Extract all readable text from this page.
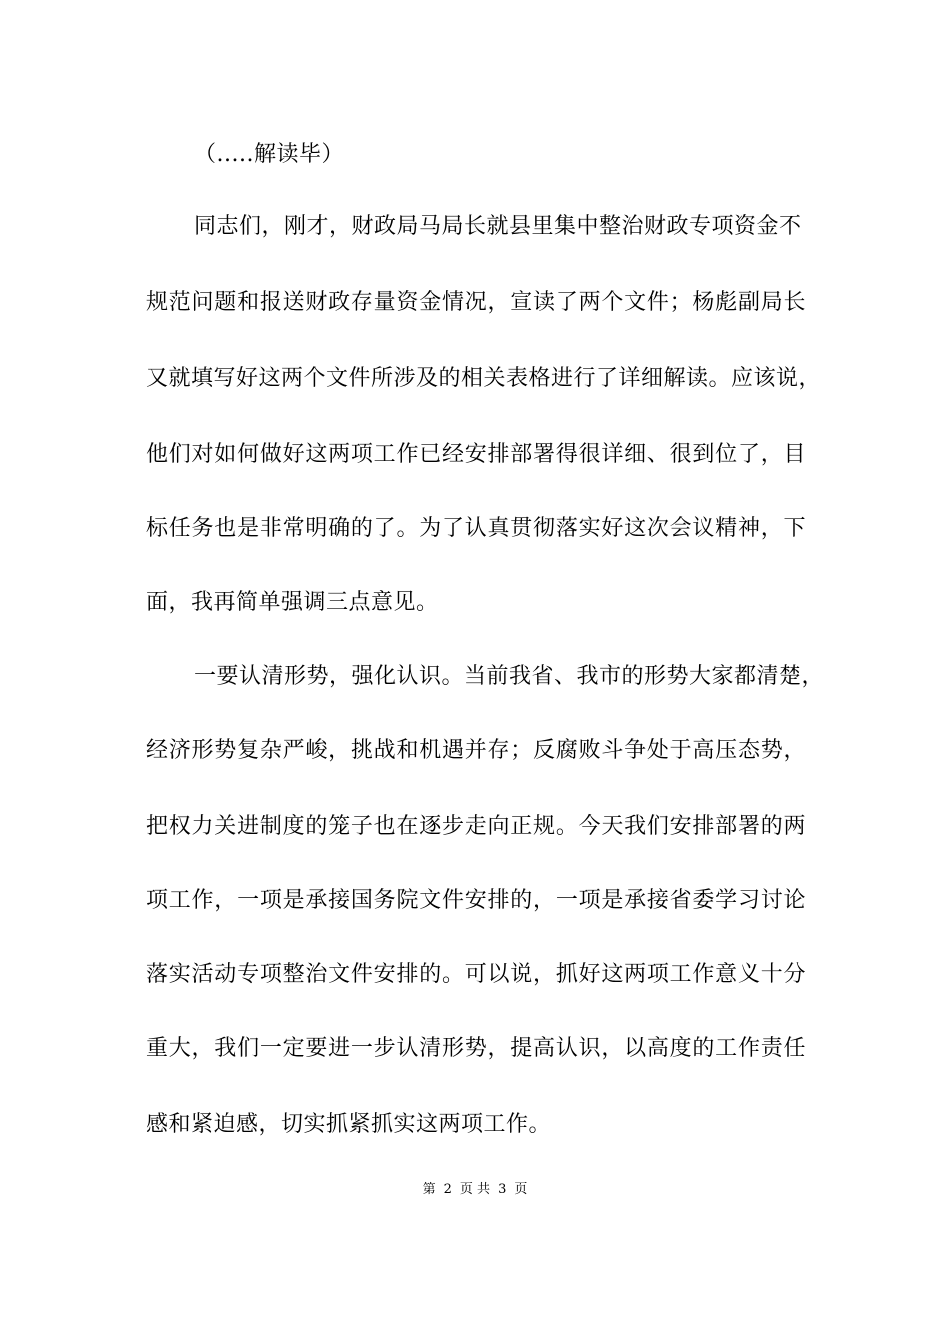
（.....解读毕）
同志们，刚才，财政局马局长就县里集中整治财政专项资金不
规范问题和报送财政存量资金情况，宣读了两个文件；杨彪副局长
又就填写好这两个文件所涉及的相关表格进行了详细解读。应该说，
他们对如何做好这两项工作已经安排部署得很详细、很到位了，目
标任务也是非常明确的了。为了认真贯彻落实好这次会议精神，下
面，我再简单强调三点意见。
一要认清形势，强化认识。当前我省、我市的形势大家都清楚，
经济形势复杂严峻，挑战和机遇并存；反腐败斗争处于高压态势，
把权力关进制度的笼子也在逐步走向正规。今天我们安排部署的两
项工作，一项是承接国务院文件安排的，一项是承接省委学习讨论
落实活动专项整治文件安排的。可以说，抓好这两项工作意义十分
重大，我们一定要进一步认清形势，提高认识，以高度的工作责任
感和紧迫感，切实抓紧抓实这两项工作。
第 2 页 共 3 页
